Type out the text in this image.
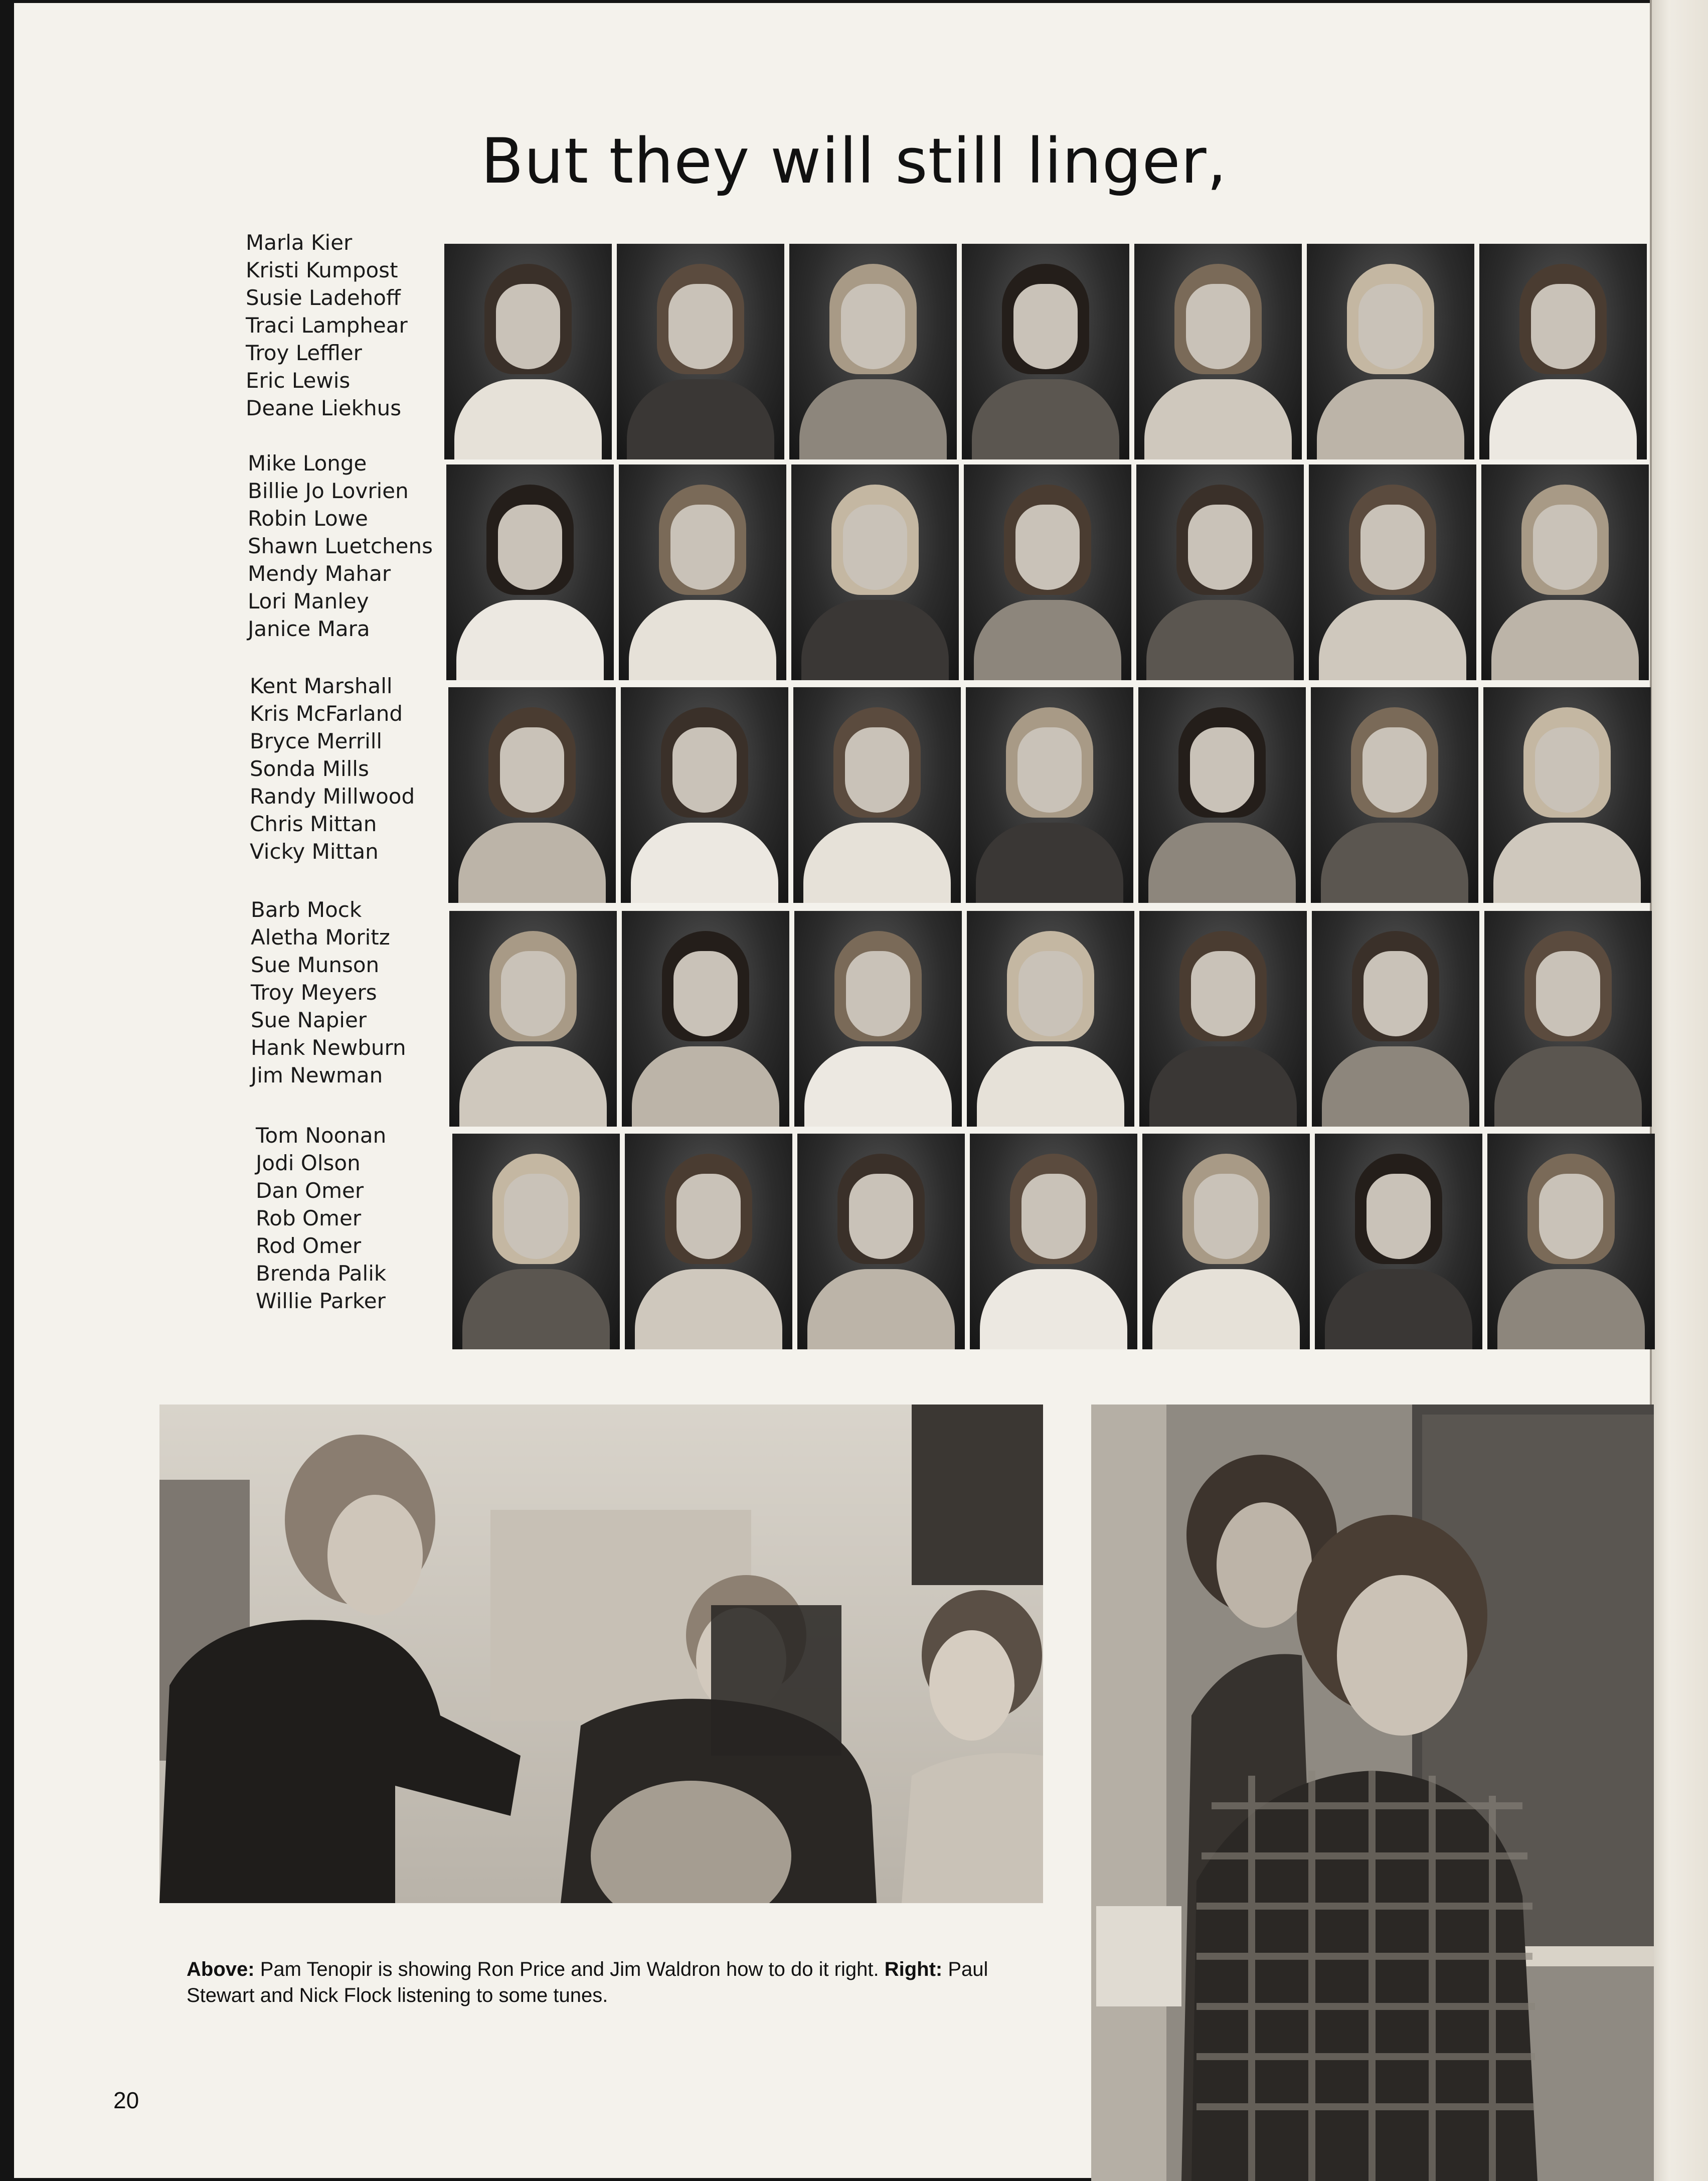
But they will still linger,
Marla Kier
Kristi Kumpost
Susie Ladehoff
Traci Lamphear
Troy Leffler
Eric Lewis
Deane Liekhus
Mike Longe
Billie Jo Lovrien
Robin Lowe
Shawn Luetchens
Mendy Mahar
Lori Manley
Janice Mara
Kent Marshall
Kris McFarland
Bryce Merrill
Sonda Mills
Randy Millwood
Chris Mittan
Vicky Mittan
Barb Mock
Aletha Moritz
Sue Munson
Troy Meyers
Sue Napier
Hank Newburn
Jim Newman
Tom Noonan
Jodi Olson
Dan Omer
Rob Omer
Rod Omer
Brenda Palik
Willie Parker
Above: Pam Tenopir is showing Ron Price and Jim Waldron how to do it right. Right: Paul Stewart and Nick Flock listening to some tunes.
20
